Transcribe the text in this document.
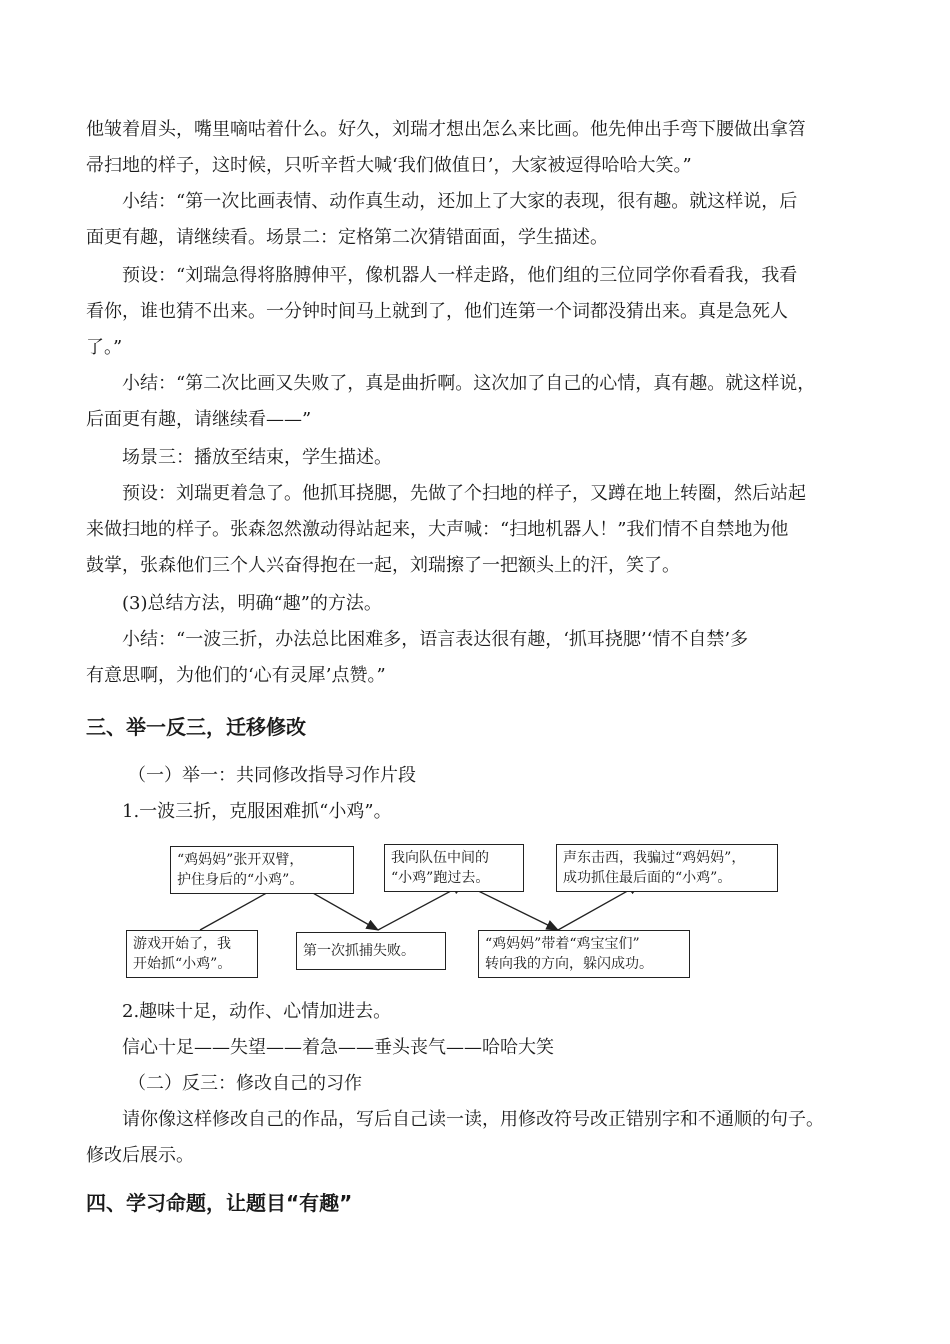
他皱着眉头，嘴里嘀咕着什么。好久，刘瑞才想出怎么来比画。他先伸出手弯下腰做出拿笤

帚扫地的样子，这时候，只听辛哲大喊‘我们做值日’，大家被逗得哈哈大笑。”

小结：“第一次比画表情、动作真生动，还加上了大家的表现，很有趣。就这样说，后

面更有趣，请继续看。场景二：定格第二次猜错面面，学生描述。

预设：“刘瑞急得将胳膊伸平，像机器人一样走路，他们组的三位同学你看看我，我看

看你，谁也猜不出来。一分钟时间马上就到了，他们连第一个词都没猜出来。真是急死人

了。”

小结：“第二次比画又失败了，真是曲折啊。这次加了自己的心情，真有趣。就这样说，

后面更有趣，请继续看——”

场景三：播放至结束，学生描述。

预设：刘瑞更着急了。他抓耳挠腮，先做了个扫地的样子，又蹲在地上转圈，然后站起

来做扫地的样子。张森忽然激动得站起来，大声喊：“扫地机器人！”我们情不自禁地为他

鼓掌，张森他们三个人兴奋得抱在一起，刘瑞擦了一把额头上的汗，笑了。

(3)总结方法，明确“趣”的方法。

小结：“一波三折，办法总比困难多，语言表达很有趣，‘抓耳挠腮’‘情不自禁’多

有意思啊，为他们的‘心有灵犀’点赞。”

三、举一反三，迁移修改

（一）举一：共同修改指导习作片段

1.一波三折，克服困难抓“小鸡”。

“鸡妈妈”张开双臂，
护住身后的“小鸡”。
我向队伍中间的
“小鸡”跑过去。
声东击西，我骗过“鸡妈妈”，
成功抓住最后面的“小鸡”。
游戏开始了，我
开始抓“小鸡”。
第一次抓捕失败。	“鸡妈妈”带着“鸡宝宝们”
转向我的方向，躲闪成功。

2.趣味十足，动作、心情加进去。

信心十足——失望——着急——垂头丧气——哈哈大笑

（二）反三：修改自己的习作

请你像这样修改自己的作品，写后自己读一读，用修改符号改正错别字和不通顺的句子。

修改后展示。

四、学习命题，让题目“有趣”
